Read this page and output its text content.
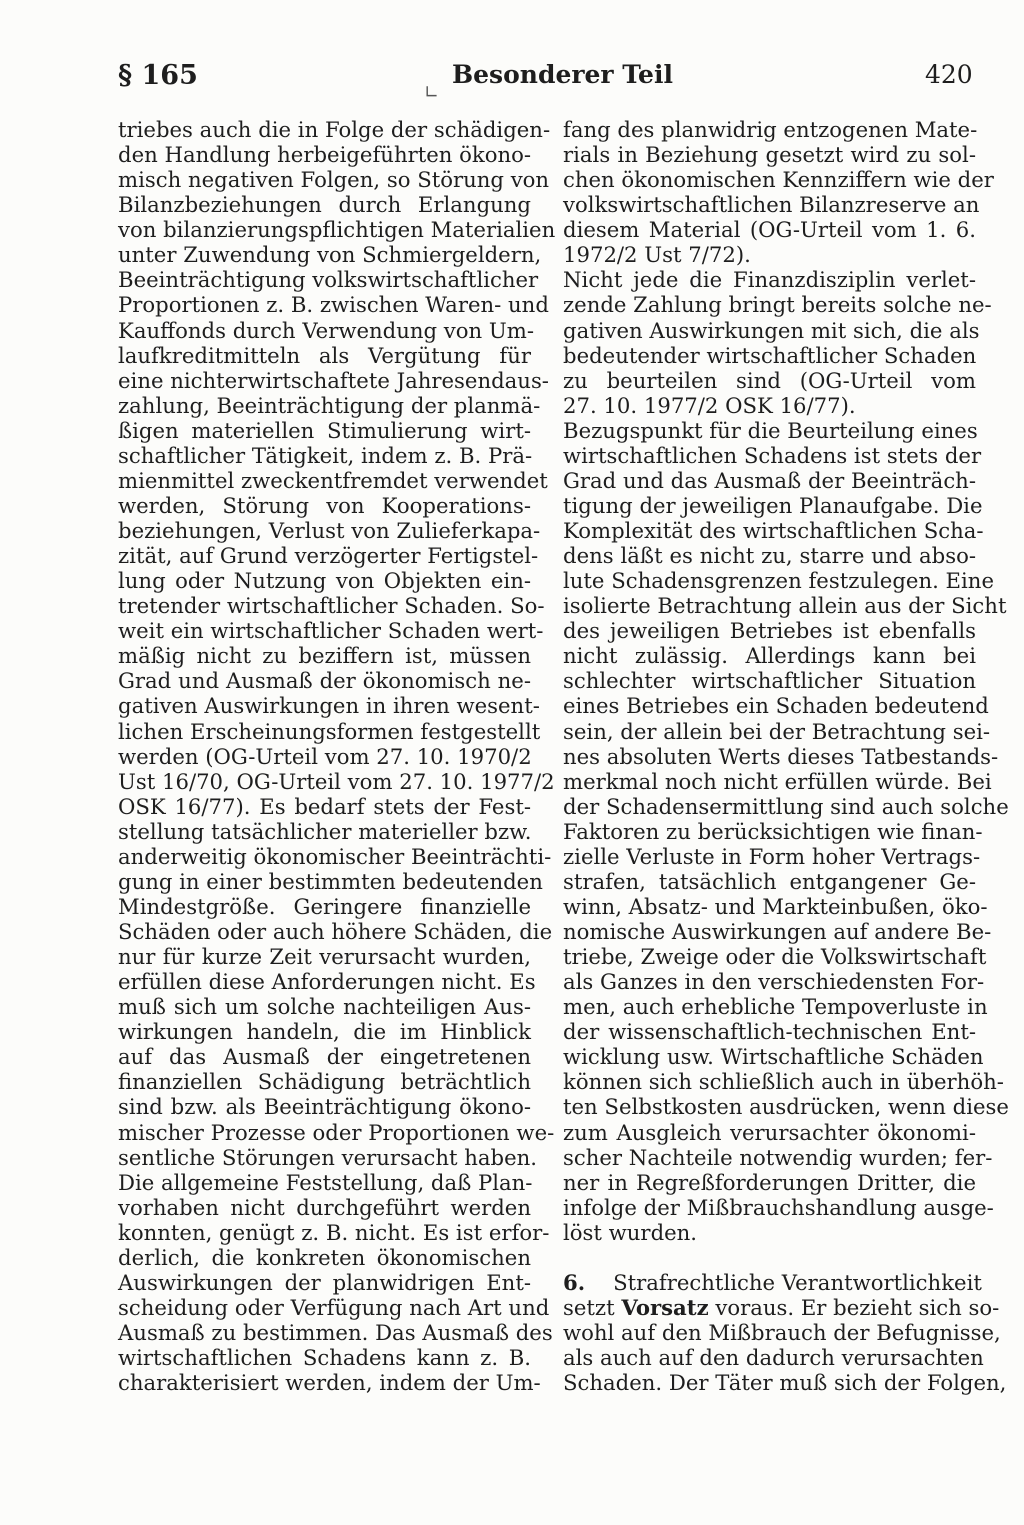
§ 165
∟
Besonderer Teil	420
triebes auch die in Folge der schädigen-
den Handlung herbeigeführten ökono-
misch negativen Folgen, so Störung von
Bilanzbeziehungen durch Erlangung
von bilanzierungspflichtigen Materialien
unter Zuwendung von Schmiergeldern,
Beeinträchtigung volkswirtschaftlicher
Proportionen z. B. zwischen Waren- und
Kauffonds durch Verwendung von Um-
laufkreditmitteln als Vergütung für
eine nichterwirtschaftete Jahresendaus-
zahlung, Beeinträchtigung der planmä-
ßigen materiellen Stimulierung wirt-
schaftlicher Tätigkeit, indem z. B. Prä-
mienmittel zweckentfremdet verwendet
werden, Störung von Kooperations-
beziehungen, Verlust von Zulieferkapa-
zität, auf Grund verzögerter Fertigstel-
lung oder Nutzung von Objekten ein-
tretender wirtschaftlicher Schaden. So-
weit ein wirtschaftlicher Schaden wert-
mäßig nicht zu beziffern ist, müssen
Grad und Ausmaß der ökonomisch ne-
gativen Auswirkungen in ihren wesent-
lichen Erscheinungsformen festgestellt
werden (OG-Urteil vom 27. 10. 1970/2
Ust 16/70, OG-Urteil vom 27. 10. 1977/2
OSK 16/77). Es bedarf stets der Fest-
stellung tatsächlicher materieller bzw.
anderweitig ökonomischer Beeinträchti-
gung in einer bestimmten bedeutenden
Mindestgröße. Geringere finanzielle
Schäden oder auch höhere Schäden, die
nur für kurze Zeit verursacht wurden,
erfüllen diese Anforderungen nicht. Es
muß sich um solche nachteiligen Aus-
wirkungen handeln, die im Hinblick
auf das Ausmaß der eingetretenen
finanziellen Schädigung beträchtlich
sind bzw. als Beeinträchtigung ökono-
mischer Prozesse oder Proportionen we-
sentliche Störungen verursacht haben.
Die allgemeine Feststellung, daß Plan-
vorhaben nicht durchgeführt werden
konnten, genügt z. B. nicht. Es ist erfor-
derlich, die konkreten ökonomischen
Auswirkungen der planwidrigen Ent-
scheidung oder Verfügung nach Art und
Ausmaß zu bestimmen. Das Ausmaß des
wirtschaftlichen Schadens kann z. B.
charakterisiert werden, indem der Um-
fang des planwidrig entzogenen Mate-
rials in Beziehung gesetzt wird zu sol-
chen ökonomischen Kennziffern wie der
volkswirtschaftlichen Bilanzreserve an
diesem Material (OG-Urteil vom 1. 6.
1972/2 Ust 7/72).
Nicht jede die Finanzdisziplin verlet-
zende Zahlung bringt bereits solche ne-
gativen Auswirkungen mit sich, die als
bedeutender wirtschaftlicher Schaden
zu beurteilen sind (OG-Urteil vom
27. 10. 1977/2 OSK 16/77).
Bezugspunkt für die Beurteilung eines
wirtschaftlichen Schadens ist stets der
Grad und das Ausmaß der Beeinträch-
tigung der jeweiligen Planaufgabe. Die
Komplexität des wirtschaftlichen Scha-
dens läßt es nicht zu, starre und abso-
lute Schadensgrenzen festzulegen. Eine
isolierte Betrachtung allein aus der Sicht
des jeweiligen Betriebes ist ebenfalls
nicht zulässig. Allerdings kann bei
schlechter wirtschaftlicher Situation
eines Betriebes ein Schaden bedeutend
sein, der allein bei der Betrachtung sei-
nes absoluten Werts dieses Tatbestands-
merkmal noch nicht erfüllen würde. Bei
der Schadensermittlung sind auch solche
Faktoren zu berücksichtigen wie finan-
zielle Verluste in Form hoher Vertrags-
strafen, tatsächlich entgangener Ge-
winn, Absatz- und Markteinbußen, öko-
nomische Auswirkungen auf andere Be-
triebe, Zweige oder die Volkswirtschaft
als Ganzes in den verschiedensten For-
men, auch erhebliche Tempoverluste in
der wissenschaftlich-technischen Ent-
wicklung usw. Wirtschaftliche Schäden
können sich schließlich auch in überhöh-
ten Selbstkosten ausdrücken, wenn diese
zum Ausgleich verursachter ökonomi-
scher Nachteile notwendig wurden; fer-
ner in Regreßforderungen Dritter, die
infolge der Mißbrauchshandlung ausge-
löst wurden.
6. Strafrechtliche Verantwortlichkeit
setzt Vorsatz voraus. Er bezieht sich so-
wohl auf den Mißbrauch der Befugnisse,
als auch auf den dadurch verursachten
Schaden. Der Täter muß sich der Folgen,
